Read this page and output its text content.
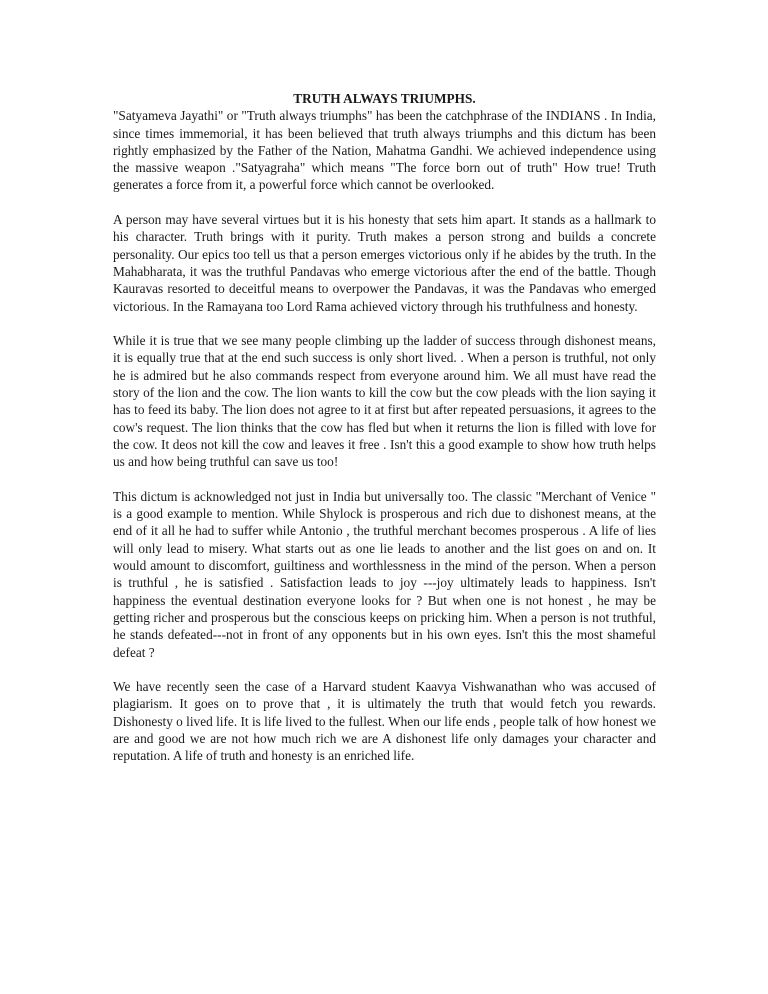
TRUTH ALWAYS TRIUMPHS.

"Satyameva Jayathi" or "Truth always triumphs" has been the catchphrase of the INDIANS . In India, since times immemorial, it has been believed that truth always triumphs and this dictum has been rightly emphasized by the Father of the Nation, Mahatma Gandhi. We achieved independence using the massive weapon ."Satyagraha" which means "The force born out of truth" How true! Truth generates a force from it, a powerful force which cannot be overlooked.

A person may have several virtues but it is his honesty that sets him apart. It stands as a hallmark to his character. Truth brings with it purity. Truth makes a person strong and builds a concrete personality. Our epics too tell us that a person emerges victorious only if he abides by the truth. In the Mahabharata, it was the truthful Pandavas who emerge victorious after the end of the battle. Though Kauravas resorted to deceitful means to overpower the Pandavas, it was the Pandavas who emerged victorious. In the Ramayana too Lord Rama achieved victory through his truthfulness and honesty.

While it is true that we see many people climbing up the ladder of success through dishonest means, it is equally true that at the end such success is only short lived. . When a person is truthful, not only he is admired but he also commands respect from everyone around him. We all must have read the story of the lion and the cow. The lion wants to kill the cow but the cow pleads with the lion saying it has to feed its baby. The lion does not agree to it at first but after repeated persuasions, it agrees to the cow's request. The lion thinks that the cow has fled but when it returns the lion is filled with love for the cow. It deos not kill the cow and leaves it free . Isn't this a good example to show how truth helps us and how being truthful can save us too!

This dictum is acknowledged not just in India but universally too. The classic "Merchant of Venice " is a good example to mention. While Shylock is prosperous and rich due to dishonest means, at the end of it all he had to suffer while Antonio , the truthful merchant becomes prosperous . A life of lies will only lead to misery. What starts out as one lie leads to another and the list goes on and on. It would amount to discomfort, guiltiness and worthlessness in the mind of the person. When a person is truthful , he is satisfied . Satisfaction leads to joy ---joy ultimately leads to happiness. Isn't happiness the eventual destination everyone looks for ? But when one is not honest , he may be getting richer and prosperous but the conscious keeps on pricking him. When a person is not truthful, he stands defeated---not in front of any opponents but in his own eyes. Isn't this the most shameful defeat ?

We have recently seen the case of a Harvard student Kaavya Vishwanathan who was accused of plagiarism. It goes on to prove that , it is ultimately the truth that would fetch you rewards. Dishonesty o lived life. It is life lived to the fullest. When our life ends , people talk of how honest we are and good we are not how much rich we are A dishonest life only damages your character and reputation. A life of truth and honesty is an enriched life.
